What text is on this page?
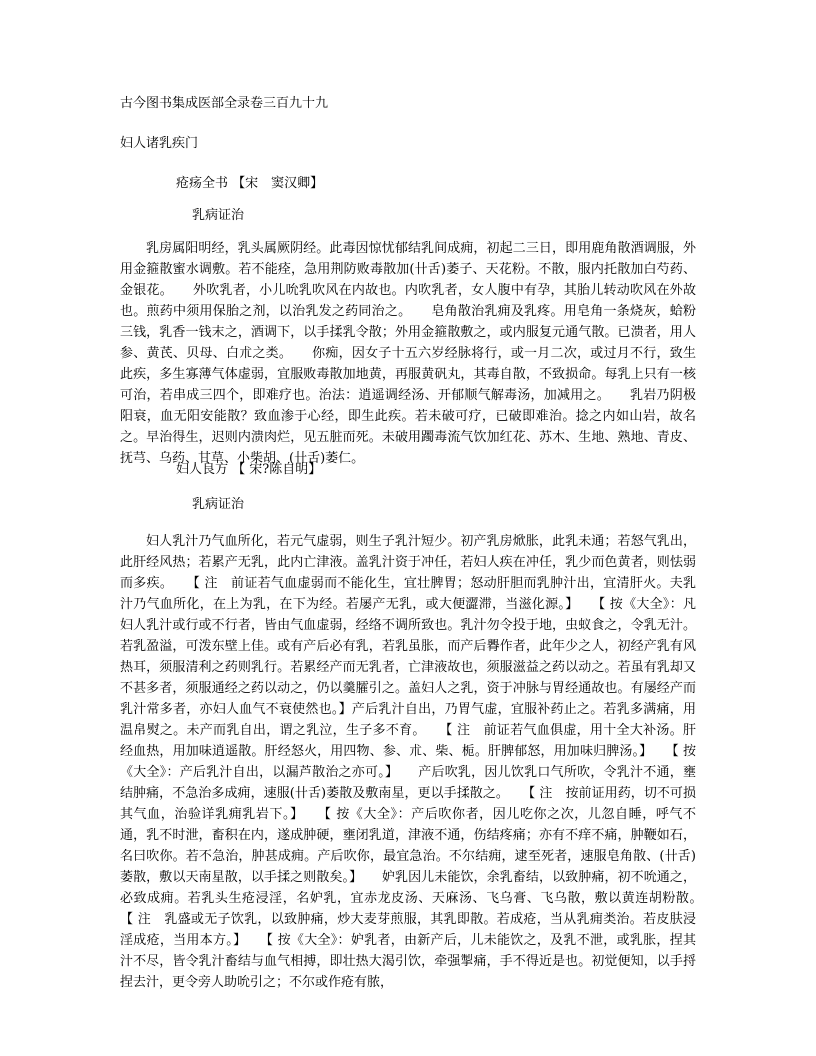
古今图书集成医部全录卷三百九十九
妇人诸乳疾门
疮疡全书 【宋　窦汉卿】
乳病证治

乳房属阳明经，乳头属厥阴经。此毒因惊忧郁结乳间成痈，初起二三日，即用鹿角散酒调服，外用金箍散蜜水调敷。若不能痊，急用荆防败毒散加(卄舌)萎子、天花粉。不散，服内托散加白芍药、金银花。　　外吹乳者，小儿吮乳吹风在内故也。内吹乳者，女人腹中有孕，其胎儿转动吹风在外故也。煎药中须用保胎之剂，以治乳发之药同治之。　　皂角散治乳痈及乳疼。用皂角一条烧灰，蛤粉三钱，乳香一钱末之，酒调下，以手揉乳令散；外用金箍散敷之，或内服复元通气散。已溃者，用人参、黄芪、贝母、白朮之类。　　你痴，因女子十五六岁经脉将行，或一月二次，或过月不行，致生此疾，多生寡薄气体虚弱，宜服败毒散加地黄，再服黄矾丸，其毒自散，不致损命。每乳上只有一核可治，若串成三四个，即难疗也。治法：逍遥调经汤、开郁顺气解毒汤，加减用之。　　乳岩乃阴极阳衰，血无阳安能散？致血渗于心经，即生此疾。若未破可疗，已破即难治。捻之内如山岩，故名之。早治得生，迟则内溃肉烂，见五脏而死。未破用躅毒流气饮加红花、苏木、生地、熟地、青皮、抚芎、乌药、甘草、小柴胡、(卄舌)萎仁。

妇人良方 【 宋?陈自明】
乳病证治

妇人乳汁乃气血所化，若元气虚弱，则生子乳汁短少。初产乳房焮胀，此乳未通；若怒气乳出，此肝经风热；若累产无乳，此内亡津液。盖乳汁资于冲任，若妇人疾在冲任，乳少而色黄者，则怯弱而多疾。　　【 注　前证若气血虚弱而不能化生，宜壮脾胃；怒动肝胆而乳肿汁出，宜清肝火。夫乳汁乃气血所化，在上为乳，在下为经。若屡产无乳，或大便澀滞，当滋化源。】　　【 按《大全》：凡妇人乳汁或行或不行者，皆由气血虚弱，经络不调所致也。乳汁勿令投于地，虫蚁食之，令乳无汁。若乳盈溢，可泼东壁上佳。或有产后必有乳，若乳虽胀，而产后臖作者，此年少之人，初经产乳有风热耳，须服清利之药则乳行。若累经产而无乳者，亡津液故也，须服滋益之药以动之。若虽有乳却又不甚多者，须服通经之药以动之，仍以羹臛引之。盖妇人之乳，资于冲脉与胃经通故也。有屡经产而乳汁常多者，亦妇人血气不衰使然也。】产后乳汁自出，乃胃气虚，宜服补药止之。若乳多满痛，用温帛熨之。未产而乳自出，谓之乳泣，生子多不育。　　【 注　前证若气血俱虚，用十全大补汤。肝经血热，用加味逍遥散。肝经怒火，用四物、参、朮、柴、栀。肝脾郁怒，用加味归脾汤。】　　【 按《大全》：产后乳汁自出，以漏芦散治之亦可。】　　产后吹乳，因儿饮乳口气所吹，令乳汁不通，壅结肿痛，不急治多成痈，速服(卄舌)萎散及敷南星，更以手揉散之。　　【 注　按前证用药，切不可损其气血，治验详乳痈乳岩下。】　　【 按《大全》：产后吹你者，因儿吃你之次，儿忽自睡，呼气不通，乳不时泄，畜积在内，遂成肿硬，壅闭乳道，津液不通，伤结疼痛；亦有不痒不痛，肿鞭如石，名曰吹你。若不急治，肿甚成痈。产后吹你，最宜急治。不尔结痈，逮至死者，速服皂角散、(卄舌)萎散，敷以天南星散，以手揉之则散矣。】　　妒乳因儿未能饮，余乳畜结，以致肿痛，初不吮通之，必致成痈。若乳头生疮浸淫，名妒乳，宜赤龙皮汤、天麻汤、飞乌膏、飞乌散，敷以黄连胡粉散。　　【 注　乳盛或无子饮乳，以致肿痛，炒大麦芽煎服，其乳即散。若成疮，当从乳痈类治。若皮肤浸淫成疮，当用本方。】　　【 按《大全》：妒乳者，由新产后，儿未能饮之，及乳不泄，或乳胀，捏其汁不尽，皆令乳汁畜结与血气相搏，即壮热大渴引饮，牵强掣痛，手不得近是也。初觉便知，以手捋捏去汁，更令旁人助吮引之；不尔或作疮有脓，
